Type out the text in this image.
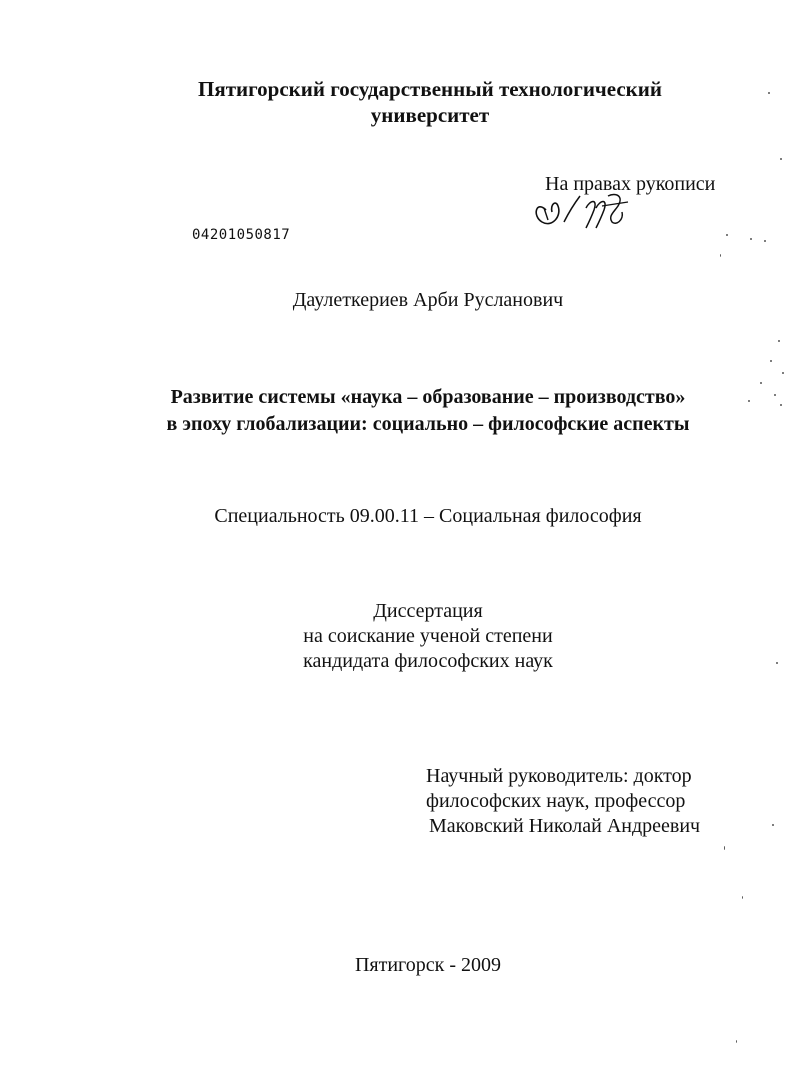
Пятигорский государственный технологический
университет
На правах рукописи
04201050817
Даулеткериев Арби Русланович
Развитие системы «наука – образование – производство»
в эпоху глобализации: социально – философские аспекты
Специальность 09.00.11 – Социальная философия
Диссертация
на соискание ученой степени
кандидата философских наук
Научный руководитель: доктор
философских наук, профессор
Маковский Николай Андреевич
Пятигорск - 2009
